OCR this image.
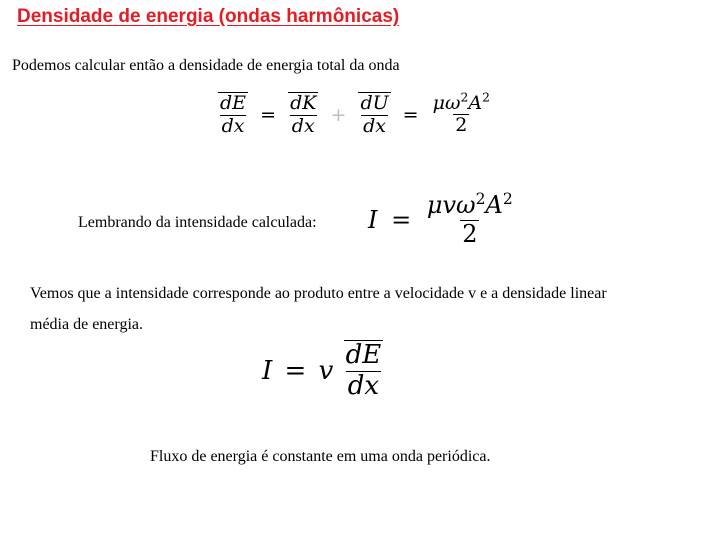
Densidade de energia (ondas harmônicas)
Podemos calcular então a densidade de energia total da onda
$\frac{dE}{dx} = \frac{dK}{dx} + \frac{dU}{dx} = \frac{\mu\omega^2A^2}{2}$
Lembrando da intensidade calculada: $I = \frac{\mu v\omega^2A^2}{2}$
Vemos que a intensidade corresponde ao produto entre a velocidade v e a densidade linear
média de energia.
I = v $\frac{dE}{dx}$
Fluxo de energia é constante em uma onda periódica.
